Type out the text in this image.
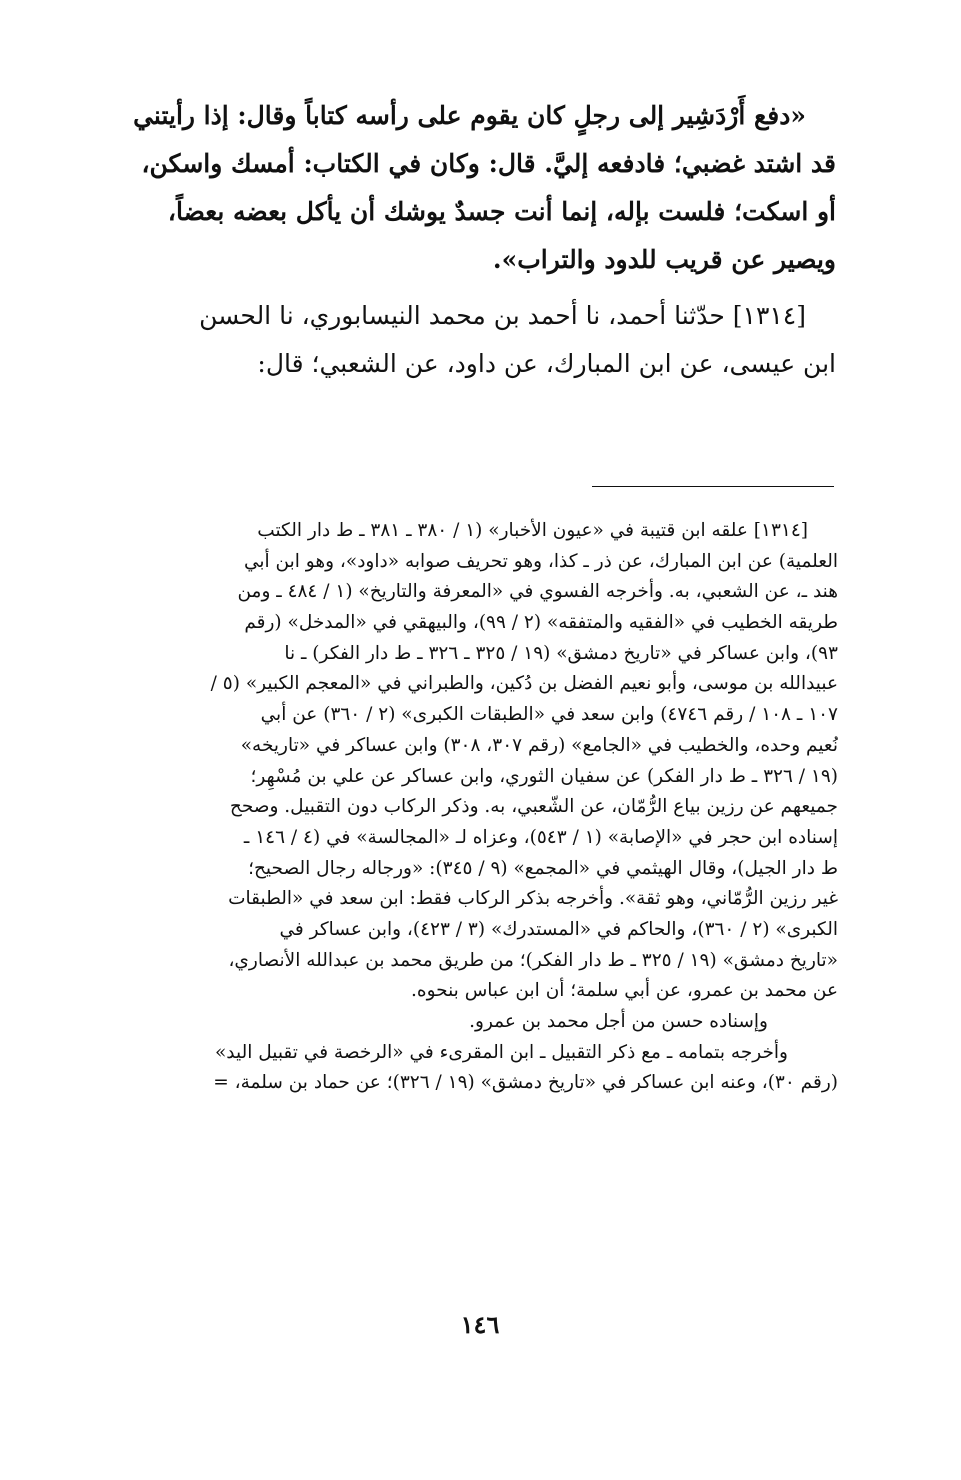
«دفع أَرْدَشِير إلى رجلٍ كان يقوم على رأسه كتاباً وقال: إذا رأيتني
قد اشتد غضبي؛ فادفعه إليَّ. قال: وكان في الكتاب: أمسك واسكن،
أو اسكت؛ فلست بإله، إنما أنت جسدٌ يوشك أن يأكل بعضه بعضاً،
ويصير عن قريب للدود والتراب».
[١٣١٤] حدّثنا أحمد، نا أحمد بن محمد النيسابوري، نا الحسن
ابن عيسى، عن ابن المبارك، عن داود، عن الشعبي؛ قال:
[١٣١٤] علقه ابن قتيبة في «عيون الأخبار» (١ / ٣٨٠ ـ ٣٨١ ـ ط دار الكتب
العلمية) عن ابن المبارك، عن ذر ـ كذا، وهو تحريف صوابه «داود»، وهو ابن أبي
هند ـ، عن الشعبي، به. وأخرجه الفسوي في «المعرفة والتاريخ» (١ / ٤٨٤ ـ ومن
طريقه الخطيب في «الفقيه والمتفقه» (٢ / ٩٩)، والبيهقي في «المدخل» (رقم
٩٣)، وابن عساكر في «تاريخ دمشق» (١٩ / ٣٢٥ ـ ٣٢٦ ـ ط دار الفكر) ـ نا
عبيدالله بن موسى، وأبو نعيم الفضل بن دُكين، والطبراني في «المعجم الكبير» (٥ /
١٠٧ ـ ١٠٨ / رقم ٤٧٤٦) وابن سعد في «الطبقات الكبرى» (٢ / ٣٦٠) عن أبي
نُعيم وحده، والخطيب في «الجامع» (رقم ٣٠٧، ٣٠٨) وابن عساكر في «تاريخه»
(١٩ / ٣٢٦ ـ ط دار الفكر) عن سفيان الثوري، وابن عساكر عن علي بن مُسْهِر؛
جميعهم عن رزين بياع الرُّمّان، عن الشّعبي، به. وذكر الركاب دون التقبيل. وصحح
إسناده ابن حجر في «الإصابة» (١ / ٥٤٣)، وعزاه لـ «المجالسة» في (٤ / ١٤٦ ـ
ط دار الجيل)، وقال الهيثمي في «المجمع» (٩ / ٣٤٥): «ورجاله رجال الصحيح؛
غير رزين الرُّمّاني، وهو ثقة». وأخرجه بذكر الركاب فقط: ابن سعد في «الطبقات
الكبرى» (٢ / ٣٦٠)، والحاكم في «المستدرك» (٣ / ٤٢٣)، وابن عساكر في
«تاريخ دمشق» (١٩ / ٣٢٥ ـ ط دار الفكر)؛ من طريق محمد بن عبدالله الأنصاري،
عن محمد بن عمرو، عن أبي سلمة؛ أن ابن عباس بنحوه.
وإسناده حسن من أجل محمد بن عمرو.
وأخرجه بتمامه ـ مع ذكر التقبيل ـ ابن المقرىء في «الرخصة في تقبيل اليد»
(رقم ٣٠)، وعنه ابن عساكر في «تاريخ دمشق» (١٩ / ٣٢٦)؛ عن حماد بن سلمة، =
١٤٦
